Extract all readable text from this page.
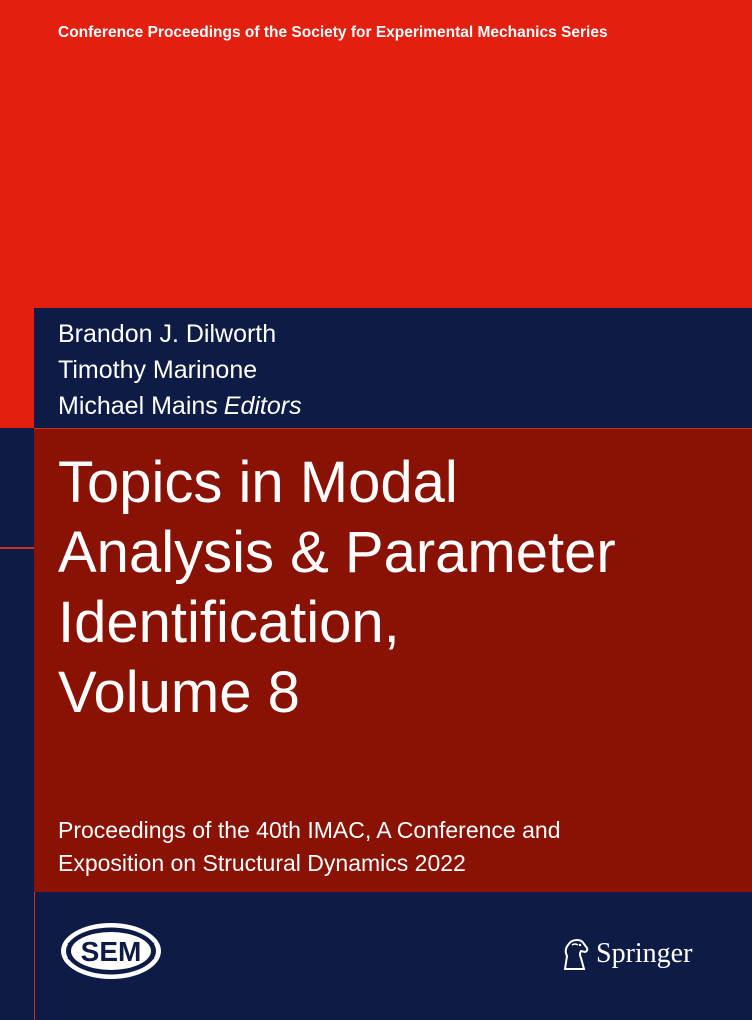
Conference Proceedings of the Society for Experimental Mechanics Series
Brandon J. Dilworth
Timothy Marinone
Michael Mains Editors
Topics in Modal
Analysis & Parameter
Identification,
Volume 8
Proceedings of the 40th IMAC, A Conference and
Exposition on Structural Dynamics 2022
SEM	Springer
